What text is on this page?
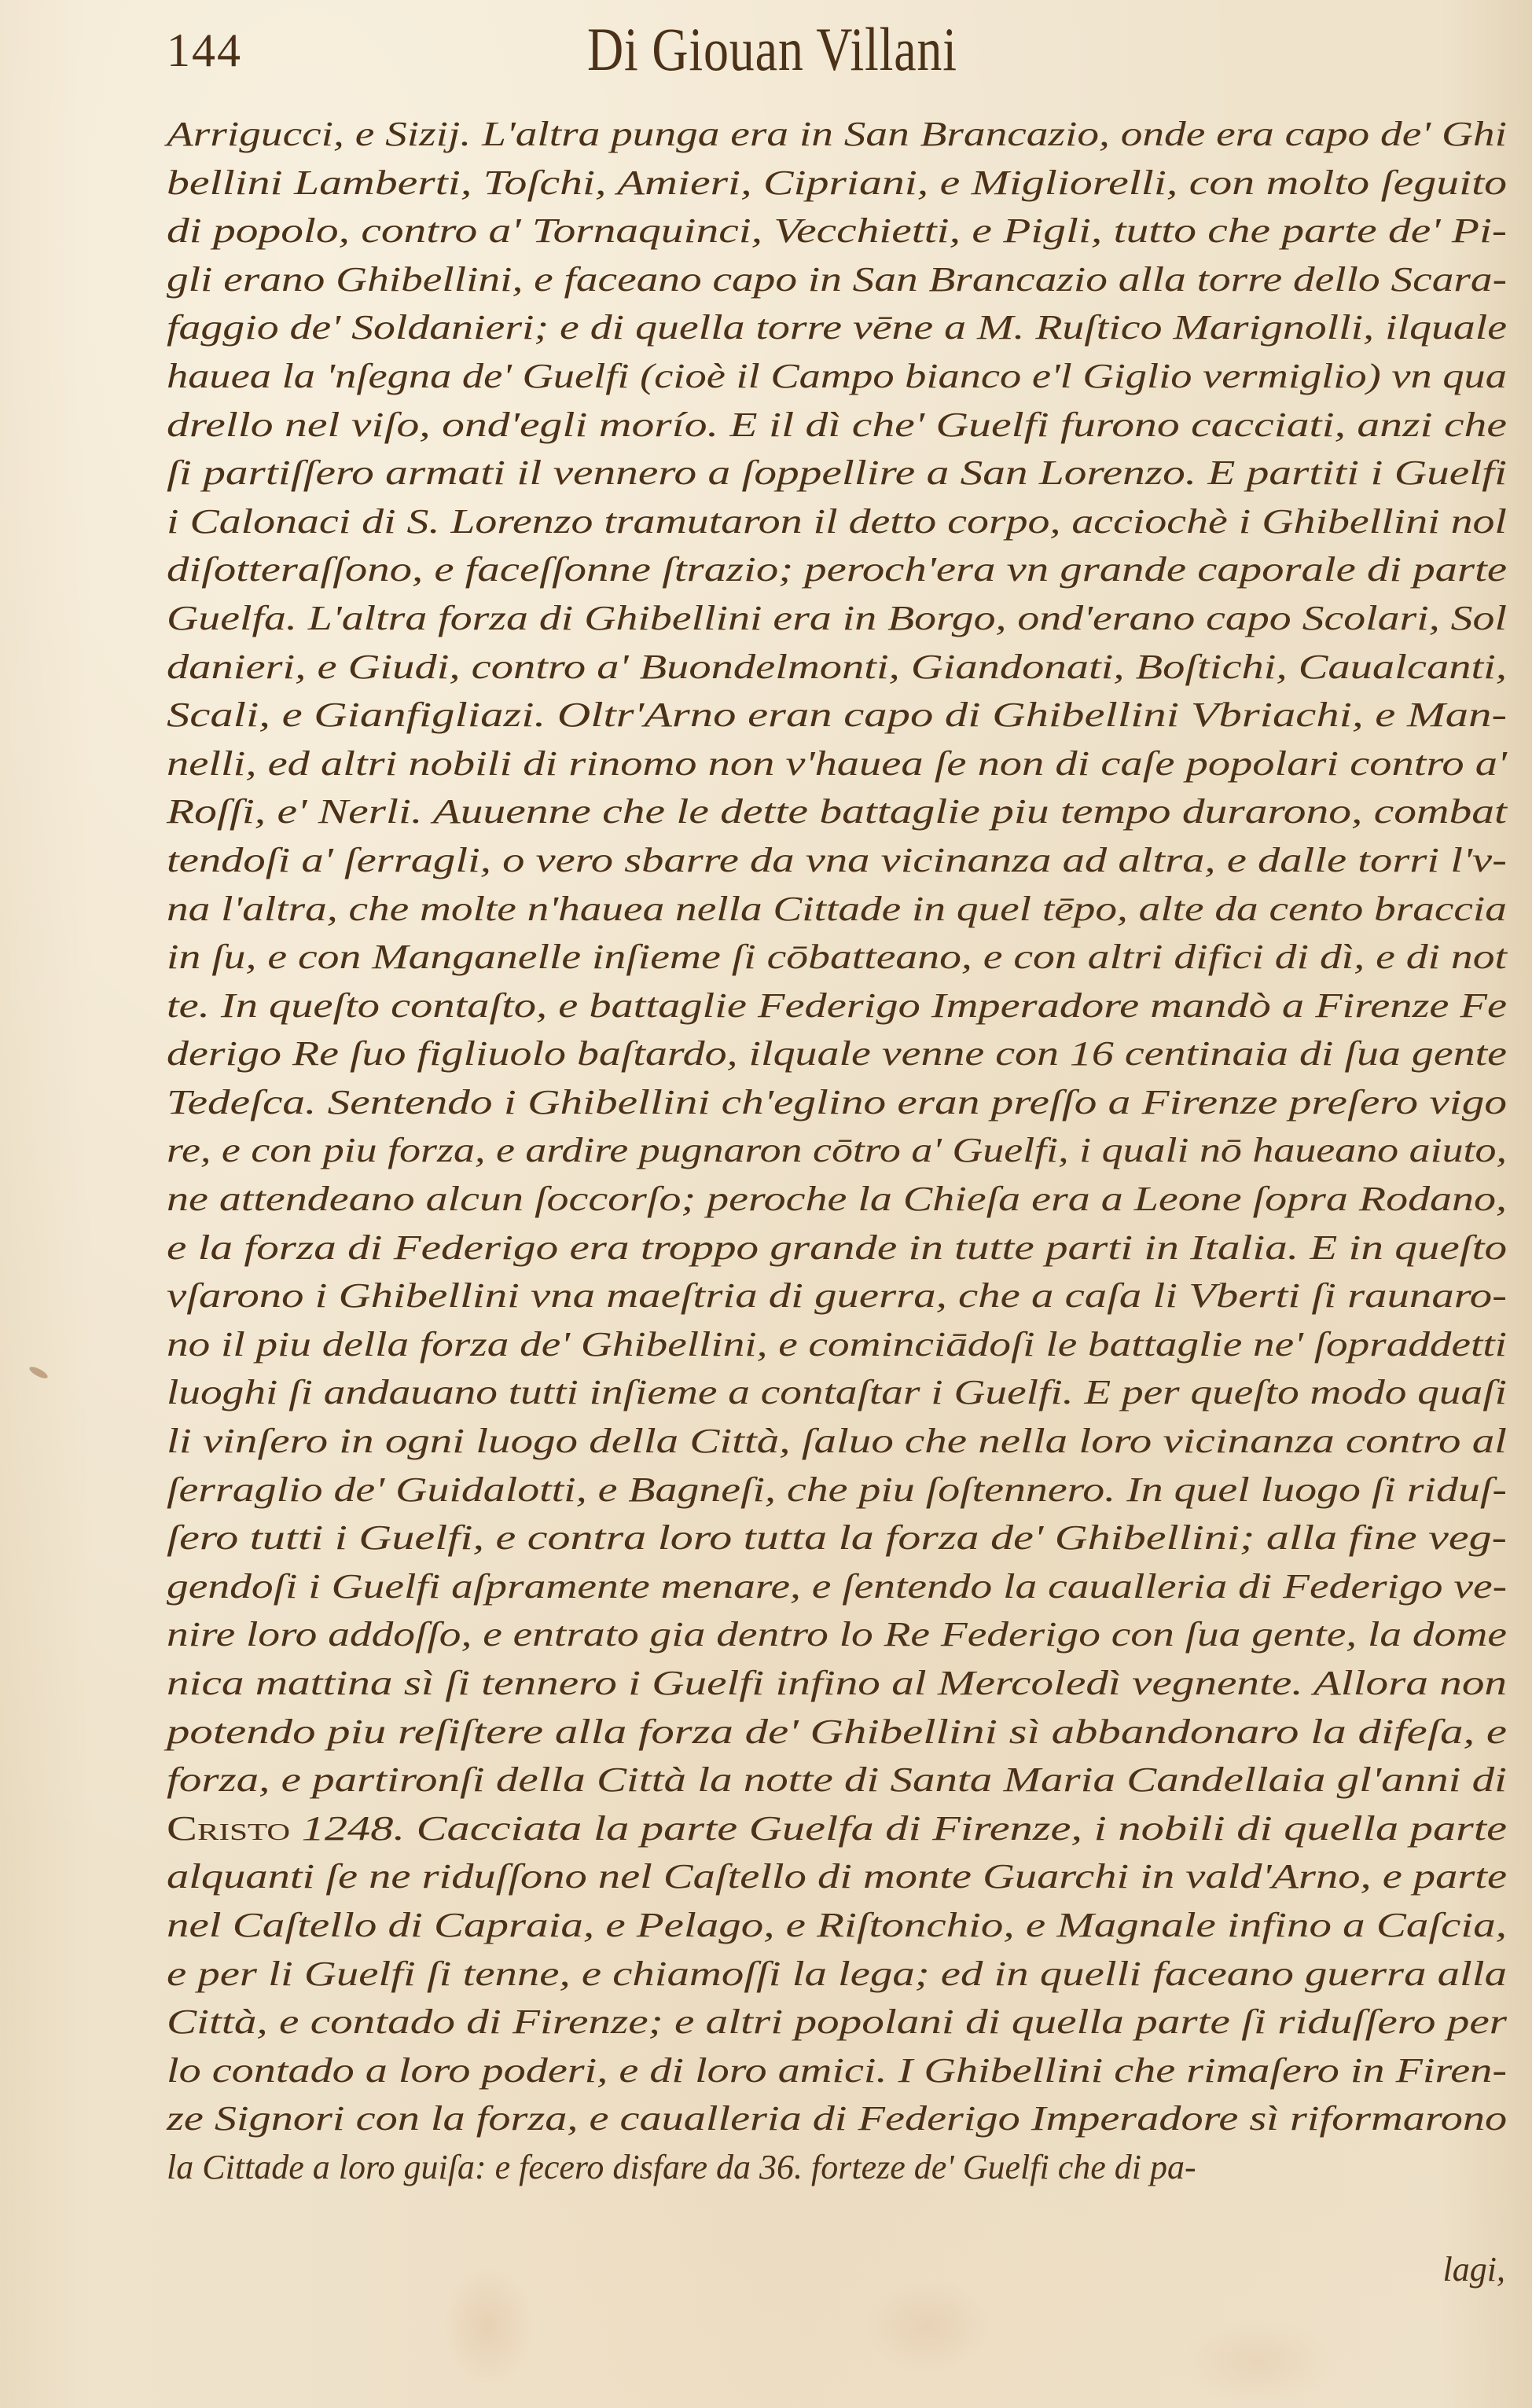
144	Di Giouan Villani
Arrigucci, e Sizij. L'altra punga era in San Brancazio, onde era capo de' Ghi
bellini Lamberti, Toſchi, Amieri, Cipriani, e Migliorelli, con molto ſeguito
di popolo, contro a' Tornaquinci, Vecchietti, e Pigli, tutto che parte de' Pi-
gli erano Ghibellini, e faceano capo in San Brancazio alla torre dello Scara-
faggio de' Soldanieri; e di quella torre vēne a M. Ruſtico Marignolli, ilquale
hauea la 'nſegna de' Guelfi (cioè il Campo bianco e'l Giglio vermiglio) vn qua
drello nel viſo, ond'egli morío. E il dì che' Guelfi furono cacciati, anzi che
ſi partiſſero armati il vennero a ſoppellire a San Lorenzo. E partiti i Guelfi
i Calonaci di S. Lorenzo tramutaron il detto corpo, acciochè i Ghibellini nol
diſotteraſſono, e faceſſonne ſtrazio; peroch'era vn grande caporale di parte
Guelfa. L'altra forza di Ghibellini era in Borgo, ond'erano capo Scolari, Sol
danieri, e Giudi, contro a' Buondelmonti, Giandonati, Boſtichi, Caualcanti,
Scali, e Gianfigliazi. Oltr'Arno eran capo di Ghibellini Vbriachi, e Man-
nelli, ed altri nobili di rinomo non v'hauea ſe non di caſe popolari contro a'
Roſſi, e' Nerli. Auuenne che le dette battaglie piu tempo durarono, combat
tendoſi a' ſerragli, o vero sbarre da vna vicinanza ad altra, e dalle torri l'v-
na l'altra, che molte n'hauea nella Cittade in quel tēpo, alte da cento braccia
in ſu, e con Manganelle inſieme ſi cōbatteano, e con altri difici di dì, e di not
te. In queſto contaſto, e battaglie Federigo Imperadore mandò a Firenze Fe
derigo Re ſuo figliuolo baſtardo, ilquale venne con 16 centinaia di ſua gente
Tedeſca. Sentendo i Ghibellini ch'eglino eran preſſo a Firenze preſero vigo
re, e con piu forza, e ardire pugnaron cōtro a' Guelfi, i quali nō haueano aiuto,
ne attendeano alcun ſoccorſo; peroche la Chieſa era a Leone ſopra Rodano,
e la forza di Federigo era troppo grande in tutte parti in Italia. E in queſto
vſarono i Ghibellini vna maeſtria di guerra, che a caſa li Vberti ſi raunaro-
no il piu della forza de' Ghibellini, e cominciādoſi le battaglie ne' ſopraddetti
luoghi ſi andauano tutti inſieme a contaſtar i Guelfi. E per queſto modo quaſi
li vinſero in ogni luogo della Città, ſaluo che nella loro vicinanza contro al
ſerraglio de' Guidalotti, e Bagneſi, che piu ſoſtennero. In quel luogo ſi riduſ-
ſero tutti i Guelfi, e contra loro tutta la forza de' Ghibellini; alla fine veg-
gendoſi i Guelfi aſpramente menare, e ſentendo la caualleria di Federigo ve-
nire loro addoſſo, e entrato gia dentro lo Re Federigo con ſua gente, la dome
nica mattina sì ſi tennero i Guelfi infino al Mercoledì vegnente. Allora non
potendo piu reſiſtere alla forza de' Ghibellini sì abbandonaro la difeſa, e
forza, e partironſi della Città la notte di Santa Maria Candellaia gl'anni di
Cristo 1248. Cacciata la parte Guelfa di Firenze, i nobili di quella parte
alquanti ſe ne riduſſono nel Caſtello di monte Guarchi in vald'Arno, e parte
nel Caſtello di Capraia, e Pelago, e Riſtonchio, e Magnale infino a Caſcia,
e per li Guelfi ſi tenne, e chiamoſſi la lega; ed in quelli faceano guerra alla
Città, e contado di Firenze; e altri popolani di quella parte ſi riduſſero per
lo contado a loro poderi, e di loro amici. I Ghibellini che rimaſero in Firen-
ze Signori con la forza, e caualleria di Federigo Imperadore sì riformarono
la Cittade a loro guiſa: e fecero disfare da 36. forteze de' Guelfi che di pa-
lagi,
